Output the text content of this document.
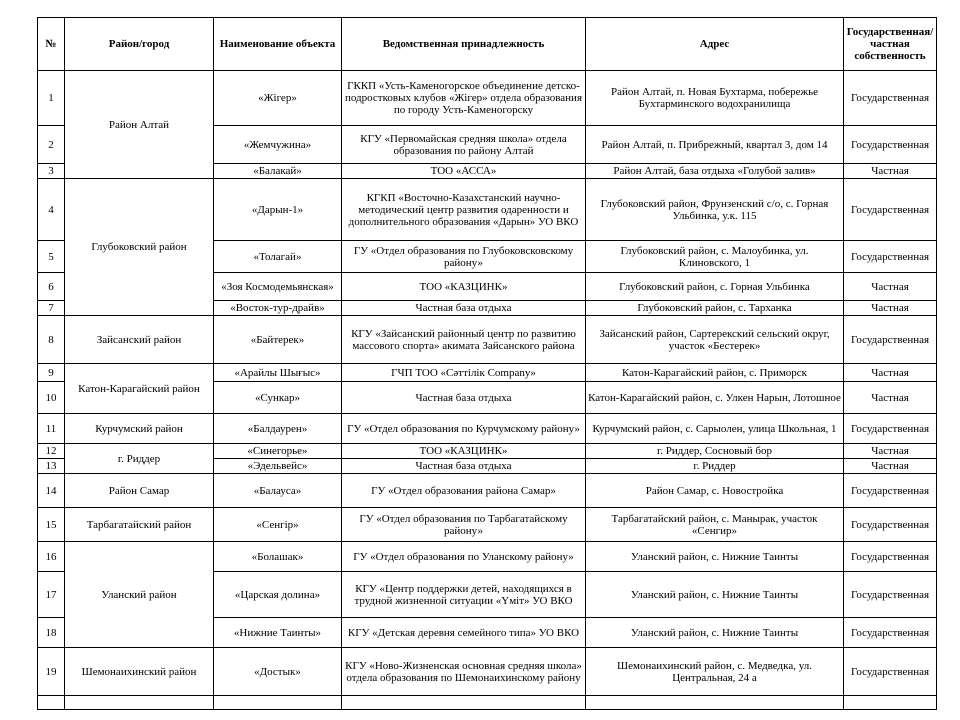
№	Район/город	Наименование объекта	Ведомственная принадлежность	Адрес	Государственная/ частная собственность
1	Район Алтай	«Жігер»	ГККП «Усть-Каменогорское объединение детско-подростковых клубов «Жігер» отдела образования по городу Усть-Каменогорску	Район Алтай, п. Новая Бухтарма, побережье Бухтарминского водохранилища	Государственная
2		«Жемчужина»	КГУ «Первомайская средняя школа» отдела образования по району Алтай	Район Алтай, п. Прибрежный, квартал 3, дом 14	Государственная
3		«Балакай»	ТОО «АССА»	Район Алтай, база отдыха «Голубой залив»	Частная
4	Глубоковский район	«Дарын-1»	КГКП «Восточно-Казахстанский научно-методический центр развития одаренности и дополнительного образования «Дарын» УО ВКО	Глубоковский район, Фрунзенский с/о, с. Горная Ульбинка, у.к. 115	Государственная
5		«Толагай»	ГУ «Отдел образования по Глубоковсковскому району»	Глубоковский район, с. Малоубинка, ул. Клиновского, 1	Государственная
6		«Зоя Космодемьянская»	ТОО «КАЗЦИНК»	Глубоковский район, с. Горная Ульбинка	Частная
7		«Восток-тур-драйв»	Частная база отдыха	Глубоковский район, с. Тарханка	Частная
8	Зайсанский район	«Байтерек»	КГУ «Зайсанский районный центр по развитию массового спорта» акимата Зайсанского района	Зайсанский район, Сартерекский сельский округ, участок «Бестерек»	Государственная
9	Катон-Карагайский район	«Арайлы Шығыс»	ГЧП ТОО «Сәттілік Company»	Катон-Карагайский район, с. Приморск	Частная
10		«Сункар»	Частная база отдыха	Катон-Карагайский район, с. Улкен Нарын, Лотошное	Частная
11	Курчумский район	«Балдаурен»	ГУ «Отдел образования по Курчумскому району»	Курчумский район, с. Сарыолен, улица Школьная, 1	Государственная
12	г. Риддер	«Синегорье»	ТОО «КАЗЦИНК»	г. Риддер, Сосновый бор	Частная
13		«Эдельвейс»	Частная база отдыха	г. Риддер	Частная
14	Район Самар	«Балауса»	ГУ «Отдел образования района Самар»	Район Самар, с. Новостройка	Государственная
15	Тарбагатайский район	«Сенгір»	ГУ «Отдел образования по Тарбагатайскому району»	Тарбагатайский район, с. Манырак, участок «Сенгир»	Государственная
16	Уланский район	«Болашак»	ГУ «Отдел образования по Уланскому району»	Уланский район, с. Нижние Таинты	Государственная
17		«Царская долина»	КГУ «Центр поддержки детей, находящихся в трудной жизненной ситуации «Үміт» УО ВКО	Уланский район, с. Нижние Таинты	Государственная
18		«Нижние Таинты»	КГУ «Детская деревня семейного типа» УО ВКО	Уланский район, с. Нижние Таинты	Государственная
19	Шемонаихинский район	«Достык»	КГУ «Ново-Жизненская основная средняя школа» отдела образования по Шемонаихинскому району	Шемонаихинский район, с. Медведка, ул. Центральная, 24 а	Государственная
